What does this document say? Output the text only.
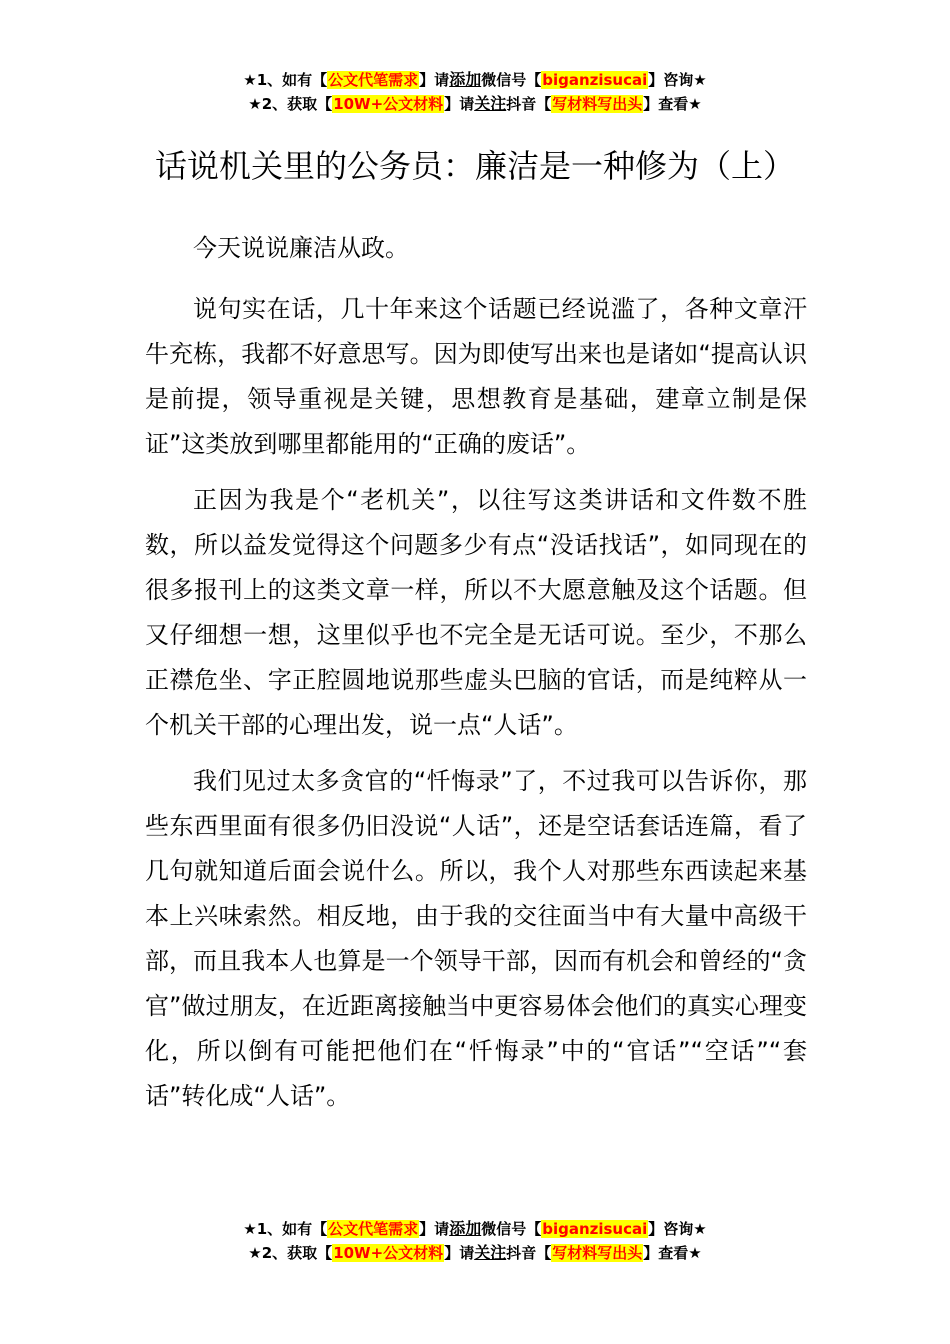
★1、如有【公文代笔需求】请添加微信号【biganzisucai】咨询★
★2、获取【10W+公文材料】请关注抖音【写材料写出头】查看★
话说机关里的公务员：廉洁是一种修为（上）

今天说说廉洁从政。

说句实在话，几十年来这个话题已经说滥了，各种文章汗牛充栋，我都不好意思写。因为即使写出来也是诸如“提高认识是前提，领导重视是关键，思想教育是基础，建章立制是保证”这类放到哪里都能用的“正确的废话”。

正因为我是个“老机关”，以往写这类讲话和文件数不胜数，所以益发觉得这个问题多少有点“没话找话”，如同现在的很多报刊上的这类文章一样，所以不大愿意触及这个话题。但又仔细想一想，这里似乎也不完全是无话可说。至少，不那么正襟危坐、字正腔圆地说那些虚头巴脑的官话，而是纯粹从一个机关干部的心理出发，说一点“人话”。

我们见过太多贪官的“忏悔录”了，不过我可以告诉你，那些东西里面有很多仍旧没说“人话”，还是空话套话连篇，看了几句就知道后面会说什么。所以，我个人对那些东西读起来基本上兴味索然。相反地，由于我的交往面当中有大量中高级干部，而且我本人也算是一个领导干部，因而有机会和曾经的“贪官”做过朋友，在近距离接触当中更容易体会他们的真实心理变化，所以倒有可能把他们在“忏悔录”中的“官话”“空话”“套话”转化成“人话”。

★1、如有【公文代笔需求】请添加微信号【biganzisucai】咨询★
★2、获取【10W+公文材料】请关注抖音【写材料写出头】查看★
